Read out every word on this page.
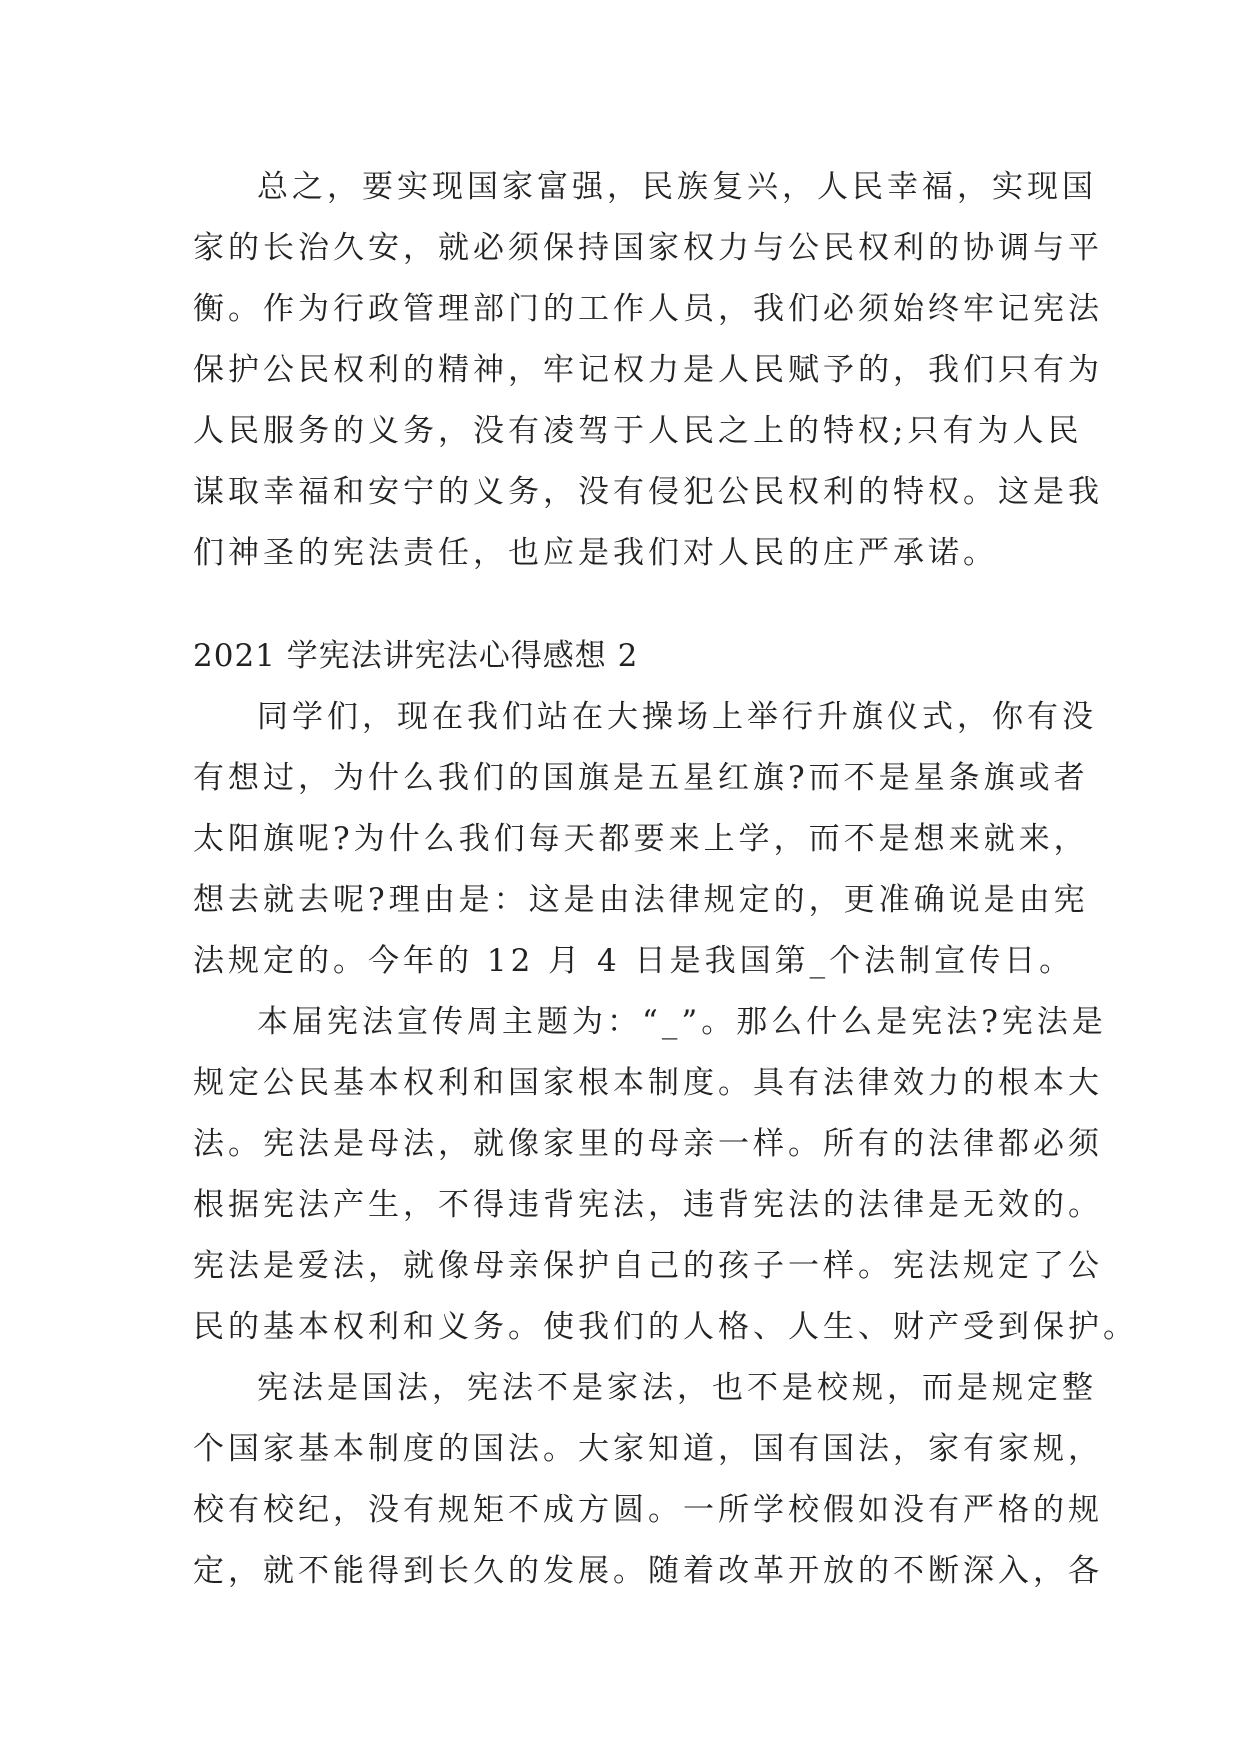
总之，要实现国家富强，民族复兴，人民幸福，实现国
家的长治久安，就必须保持国家权力与公民权利的协调与平
衡。作为行政管理部门的工作人员，我们必须始终牢记宪法
保护公民权利的精神，牢记权力是人民赋予的，我们只有为
人民服务的义务，没有凌驾于人民之上的特权;只有为人民
谋取幸福和安宁的义务，没有侵犯公民权利的特权。这是我
们神圣的宪法责任，也应是我们对人民的庄严承诺。
2021 学宪法讲宪法心得感想 2
同学们，现在我们站在大操场上举行升旗仪式，你有没
有想过，为什么我们的国旗是五星红旗?而不是星条旗或者
太阳旗呢?为什么我们每天都要来上学，而不是想来就来，
想去就去呢?理由是：这是由法律规定的，更准确说是由宪
法规定的。今年的 12 月 4 日是我国第_个法制宣传日。
本届宪法宣传周主题为：“_”。那么什么是宪法?宪法是
规定公民基本权利和国家根本制度。具有法律效力的根本大
法。宪法是母法，就像家里的母亲一样。所有的法律都必须
根据宪法产生，不得违背宪法，违背宪法的法律是无效的。
宪法是爱法，就像母亲保护自己的孩子一样。宪法规定了公
民的基本权利和义务。使我们的人格、人生、财产受到保护。
宪法是国法，宪法不是家法，也不是校规，而是规定整
个国家基本制度的国法。大家知道，国有国法，家有家规，
校有校纪，没有规矩不成方圆。一所学校假如没有严格的规
定，就不能得到长久的发展。随着改革开放的不断深入，各
